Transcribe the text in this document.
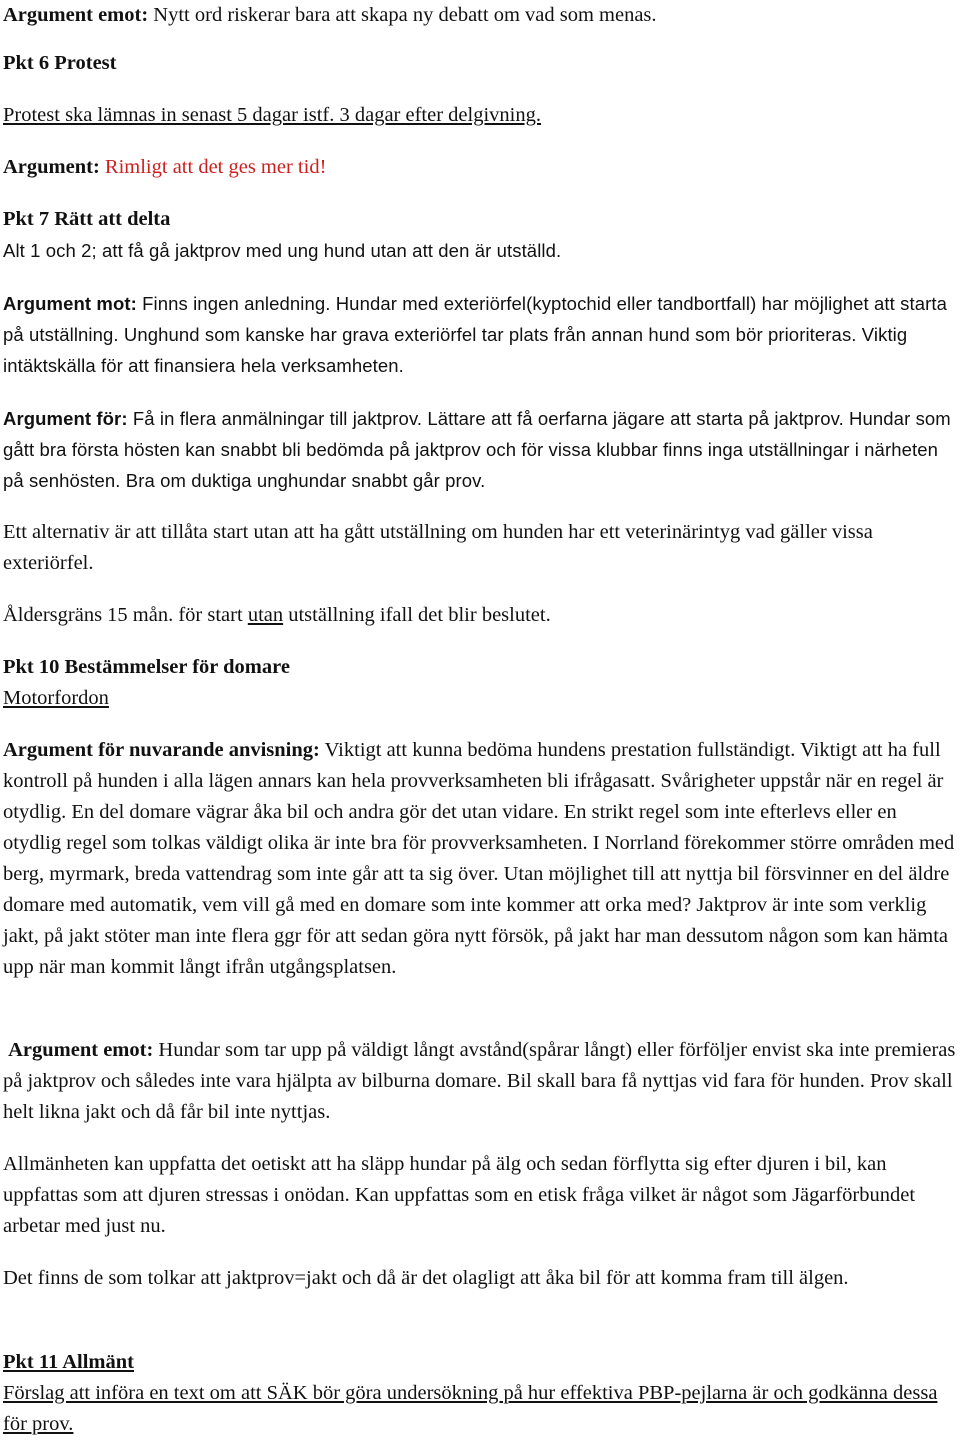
Argument emot: Nytt ord riskerar bara att skapa ny debatt om vad som menas.

Pkt 6 Protest

Protest ska lämnas in senast 5 dagar istf. 3 dagar efter delgivning.

Argument: Rimligt att det ges mer tid!

Pkt 7 Rätt att delta

Alt 1 och 2; att få gå jaktprov med ung hund utan att den är utställd.

Argument mot: Finns ingen anledning. Hundar med exteriörfel(kyptochid eller tandbortfall) har möjlighet att starta på utställning. Unghund som kanske har grava exteriörfel tar plats från annan hund som bör prioriteras. Viktig intäktskälla för att finansiera hela verksamheten.

Argument för: Få in flera anmälningar till jaktprov. Lättare att få oerfarna jägare att starta på jaktprov. Hundar som gått bra första hösten kan snabbt bli bedömda på jaktprov och för vissa klubbar finns inga utställningar i närheten på senhösten. Bra om duktiga unghundar snabbt går prov.

Ett alternativ är att tillåta start utan att ha gått utställning om hunden har ett veterinärintyg vad gäller vissa exteriörfel.

Åldersgräns 15 mån. för start utan utställning ifall det blir beslutet.

Pkt 10 Bestämmelser för domare

Motorfordon

Argument för nuvarande anvisning: Viktigt att kunna bedöma hundens prestation fullständigt. Viktigt att ha full kontroll på hunden i alla lägen annars kan hela provverksamheten bli ifrågasatt. Svårigheter uppstår när en regel är otydlig. En del domare vägrar åka bil och andra gör det utan vidare. En strikt regel som inte efterlevs eller en otydlig regel som tolkas väldigt olika är inte bra för provverksamheten. I Norrland förekommer större områden med berg, myrmark, breda vattendrag som inte går att ta sig över. Utan möjlighet till att nyttja bil försvinner en del äldre domare med automatik, vem vill gå med en domare som inte kommer att orka med? Jaktprov är inte som verklig jakt, på jakt stöter man inte flera ggr för att sedan göra nytt försök, på jakt har man dessutom någon som kan hämta upp när man kommit långt ifrån utgångsplatsen.

Argument emot: Hundar som tar upp på väldigt långt avstånd(spårar långt) eller förföljer envist ska inte premieras på jaktprov och således inte vara hjälpta av bilburna domare. Bil skall bara få nyttjas vid fara för hunden. Prov skall helt likna jakt och då får bil inte nyttjas.

Allmänheten kan uppfatta det oetiskt att ha släpp hundar på älg och sedan förflytta sig efter djuren i bil, kan uppfattas som att djuren stressas i onödan. Kan uppfattas som en etisk fråga vilket är något som Jägarförbundet arbetar med just nu.

Det finns de som tolkar att jaktprov=jakt och då är det olagligt att åka bil för att komma fram till älgen.

Pkt 11 Allmänt

Förslag att införa en text om att SÄK bör göra undersökning på hur effektiva PBP-pejlarna är och godkänna dessa för prov.
